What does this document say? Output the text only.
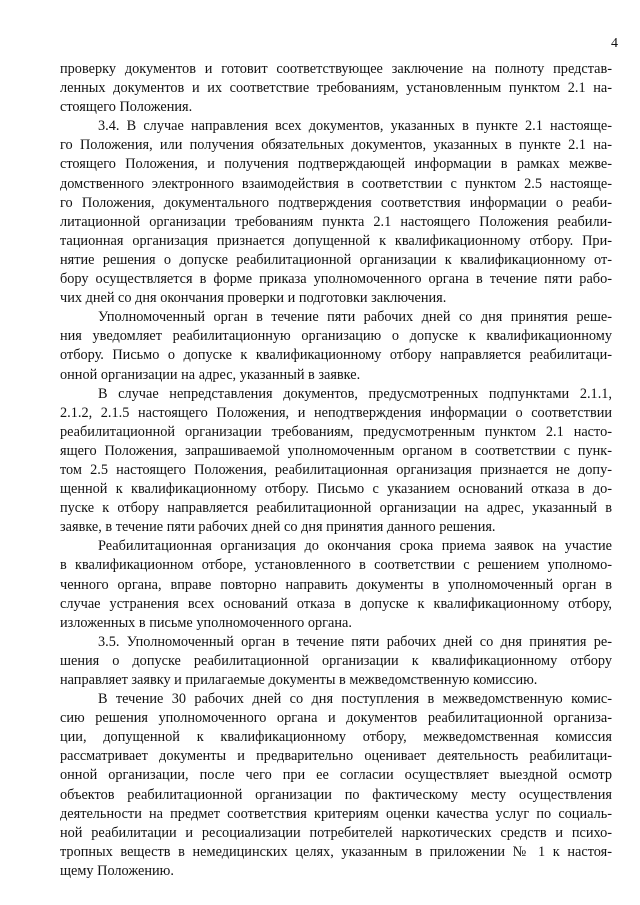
4
проверку документов и готовит соответствующее заключение на полноту представ-
ленных документов и их соответствие требованиям, установленным пунктом 2.1 на-
стоящего Положения.
3.4. В случае направления всех документов, указанных в пункте 2.1 настояще-
го Положения, или получения обязательных документов, указанных в пункте 2.1 на-
стоящего Положения, и получения подтверждающей информации в рамках межве-
домственного электронного взаимодействия в соответствии с пунктом 2.5 настояще-
го Положения, документального подтверждения соответствия информации о реаби-
литационной организации требованиям пункта 2.1 настоящего Положения реабили-
тационная организация признается допущенной к квалификационному отбору. При-
нятие решения о допуске реабилитационной организации к квалификационному от-
бору осуществляется в форме приказа уполномоченного органа в течение пяти рабо-
чих дней со дня окончания проверки и подготовки заключения.
Уполномоченный орган в течение пяти рабочих дней со дня принятия реше-
ния уведомляет реабилитационную организацию о допуске к квалификационному
отбору. Письмо о допуске к квалификационному отбору направляется реабилитаци-
онной организации на адрес, указанный в заявке.
В случае непредставления документов, предусмотренных подпунктами 2.1.1,
2.1.2, 2.1.5 настоящего Положения, и неподтверждения информации о соответствии
реабилитационной организации требованиям, предусмотренным пунктом 2.1 насто-
ящего Положения, запрашиваемой уполномоченным органом в соответствии с пунк-
том 2.5 настоящего Положения, реабилитационная организация признается не допу-
щенной к квалификационному отбору. Письмо с указанием оснований отказа в до-
пуске к отбору направляется реабилитационной организации на адрес, указанный в
заявке, в течение пяти рабочих дней со дня принятия данного решения.
Реабилитационная организация до окончания срока приема заявок на участие
в квалификационном отборе, установленного в соответствии с решением уполномо-
ченного органа, вправе повторно направить документы в уполномоченный орган в
случае устранения всех оснований отказа в допуске к квалификационному отбору,
изложенных в письме уполномоченного органа.
3.5. Уполномоченный орган в течение пяти рабочих дней со дня принятия ре-
шения о допуске реабилитационной организации к квалификационному отбору
направляет заявку и прилагаемые документы в межведомственную комиссию.
В течение 30 рабочих дней со дня поступления в межведомственную комис-
сию решения уполномоченного органа и документов реабилитационной организа-
ции, допущенной к квалификационному отбору, межведомственная комиссия
рассматривает документы и предварительно оценивает деятельность реабилитаци-
онной организации, после чего при ее согласии осуществляет выездной осмотр
объектов реабилитационной организации по фактическому месту осуществления
деятельности на предмет соответствия критериям оценки качества услуг по социаль-
ной реабилитации и ресоциализации потребителей наркотических средств и психо-
тропных веществ в немедицинских целях, указанным в приложении № 1 к настоя-
щему Положению.
